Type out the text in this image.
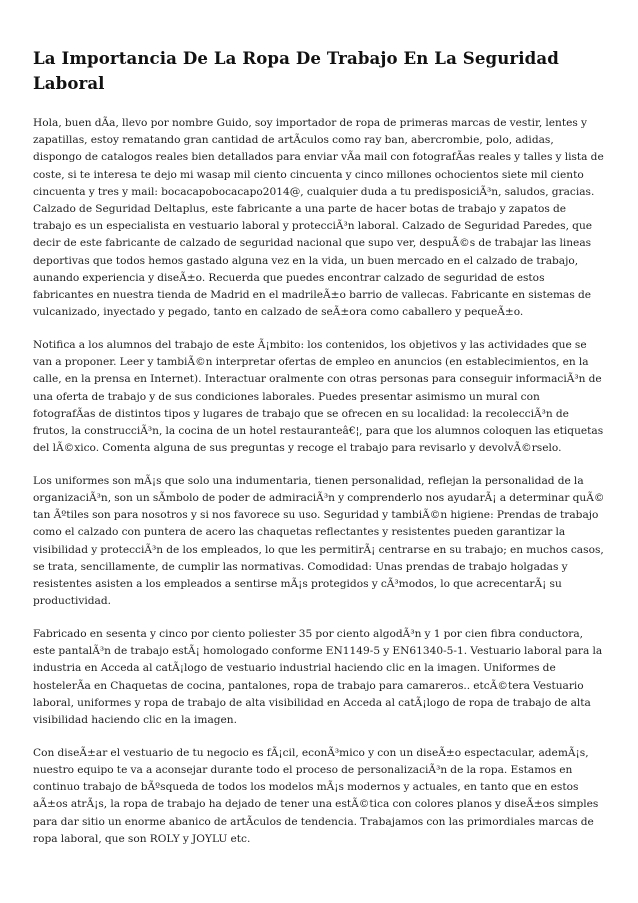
La Importancia De La Ropa De Trabajo En La Seguridad Laboral

Hola, buen dÃa, llevo por nombre Guido, soy importador de ropa de primeras marcas de vestir, lentes y zapatillas, estoy rematando gran cantidad de artÃculos como ray ban, abercrombie, polo, adidas, dispongo de catalogos reales bien detallados para enviar vÃa mail con fotografÃas reales y talles y lista de coste, si te interesa te dejo mi wasap mil ciento cincuenta y cinco millones ochocientos siete mil ciento cincuenta y tres y mail: bocacapobocacapo2014@, cualquier duda a tu predisposiciÃ³n, saludos, gracias. Calzado de Seguridad Deltaplus, este fabricante a una parte de hacer botas de trabajo y zapatos de trabajo es un especialista en vestuario laboral y protecciÃ³n laboral. Calzado de Seguridad Paredes, que decir de este fabricante de calzado de seguridad nacional que supo ver, despuÃ©s de trabajar las lineas deportivas que todos hemos gastado alguna vez en la vida, un buen mercado en el calzado de trabajo, aunando experiencia y diseÃ±o. Recuerda que puedes encontrar calzado de seguridad de estos fabricantes en nuestra tienda de Madrid en el madrileÃ±o barrio de vallecas. Fabricante en sistemas de vulcanizado, inyectado y pegado, tanto en calzado de seÃ±ora como caballero y pequeÃ±o.

Notifica a los alumnos del trabajo de este Ã¡mbito: los contenidos, los objetivos y las actividades que se van a proponer. Leer y tambiÃ©n interpretar ofertas de empleo en anuncios (en establecimientos, en la calle, en la prensa en Internet). Interactuar oralmente con otras personas para conseguir informaciÃ³n de una oferta de trabajo y de sus condiciones laborales. Puedes presentar asimismo un mural con fotografÃas de distintos tipos y lugares de trabajo que se ofrecen en su localidad: la recolecciÃ³n de frutos, la construcciÃ³n, la cocina de un hotel restauranteâ€¦, para que los alumnos coloquen las etiquetas del lÃ©xico. Comenta alguna de sus preguntas y recoge el trabajo para revisarlo y devolvÃ©rselo.

Los uniformes son mÃ¡s que solo una indumentaria, tienen personalidad, reflejan la personalidad de la organizaciÃ³n, son un sÃmbolo de poder de admiraciÃ³n y comprenderlo nos ayudarÃ¡ a determinar quÃ© tan Ãºtiles son para nosotros y si nos favorece su uso. Seguridad y tambiÃ©n higiene: Prendas de trabajo como el calzado con puntera de acero las chaquetas reflectantes y resistentes pueden garantizar la visibilidad y protecciÃ³n de los empleados, lo que les permitirÃ¡ centrarse en su trabajo; en muchos casos, se trata, sencillamente, de cumplir las normativas. Comodidad: Unas prendas de trabajo holgadas y resistentes asisten a los empleados a sentirse mÃ¡s protegidos y cÃ³modos, lo que acrecentarÃ¡ su productividad.

Fabricado en sesenta y cinco por ciento poliester 35 por ciento algodÃ³n y 1 por cien fibra conductora, este pantalÃ³n de trabajo estÃ¡ homologado conforme EN1149-5 y EN61340-5-1. Vestuario laboral para la industria en Acceda al catÃ¡logo de vestuario industrial haciendo clic en la imagen. Uniformes de hostelerÃa en Chaquetas de cocina, pantalones, ropa de trabajo para camareros.. etcÃ©tera Vestuario laboral, uniformes y ropa de trabajo de alta visibilidad en Acceda al catÃ¡logo de ropa de trabajo de alta visibilidad haciendo clic en la imagen.

Con diseÃ±ar el vestuario de tu negocio es fÃ¡cil, econÃ³mico y con un diseÃ±o espectacular, ademÃ¡s, nuestro equipo te va a aconsejar durante todo el proceso de personalizaciÃ³n de la ropa. Estamos en continuo trabajo de bÃºsqueda de todos los modelos mÃ¡s modernos y actuales, en tanto que en estos aÃ±os atrÃ¡s, la ropa de trabajo ha dejado de tener una estÃ©tica con colores planos y diseÃ±os simples para dar sitio un enorme abanico de artÃculos de tendencia. Trabajamos con las primordiales marcas de ropa laboral, que son ROLY y JOYLU etc.
